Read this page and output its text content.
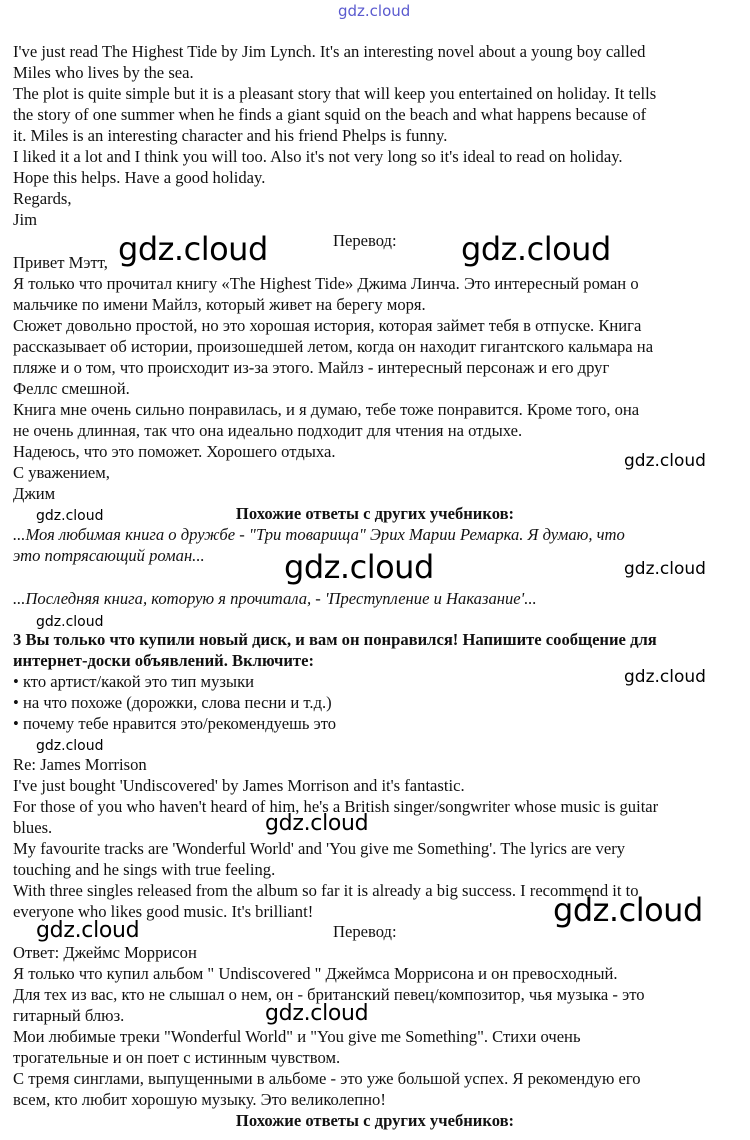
gdz.cloud
I've just read The Highest Tide by Jim Lynch. It's an interesting novel about a young boy called
Miles who lives by the sea.
The plot is quite simple but it is a pleasant story that will keep you entertained on holiday. It tells
the story of one summer when he finds a giant squid on the beach and what happens because of
it. Miles is an interesting character and his friend Phelps is funny.
I liked it a lot and I think you will too. Also it's not very long so it's ideal to read on holiday.
Hope this helps. Have a good holiday.
Regards,
Jim
Перевод:
gdz.cloud	gdz.cloud
Привет Мэтт,
Я только что прочитал книгу «The Highest Tide» Джима Линча. Это интересный роман о
мальчике по имени Майлз, который живет на берегу моря.
Сюжет довольно простой, но это хорошая история, которая займет тебя в отпуске. Книга
рассказывает об истории, произошедшей летом, когда он находит гигантского кальмара на
пляже и о том, что происходит из-за этого. Майлз - интересный персонаж и его друг
Феллс смешной.
Книга мне очень сильно понравилась, и я думаю, тебе тоже понравится. Кроме того, она
не очень длинная, так что она идеально подходит для чтения на отдыхе.
Надеюсь, что это поможет. Хорошего отдыха.
С уважением,
Джим
gdz.cloud
Похожие ответы с других учебников:
gdz.cloud
...Моя любимая книга о дружбе - "Три товарища" Эрих Марии Ремарка. Я думаю, что
это потрясающий роман... gdz.cloud	gdz.cloud
...Последняя книга, которую я прочитала, - 'Преступление и Наказание'...
gdz.cloud
3 Вы только что купили новый диск, и вам он понравился! Напишите сообщение для
интернет-доски объявлений. Включите:
• кто артист/какой это тип музыки
• на что похоже (дорожки, слова песни и т.д.)
• почему тебе нравится это/рекомендуешь это
gdz.cloud
gdz.cloud
Re: James Morrison
I've just bought 'Undiscovered' by James Morrison and it's fantastic.
For those of you who haven't heard of him, he's a British singer/songwriter whose music is guitar
blues.	gdz.cloud
My favourite tracks are 'Wonderful World' and 'You give me Something'. The lyrics are very
touching and he sings with true feeling.
With three singles released from the album so far it is already a big success. I recommend it to
everyone who likes good music. It's brilliant!	gdz.cloud
gdz.cloud	Перевод:
Ответ: Джеймс Моррисон
Я только что купил альбом " Undiscovered " Джеймса Моррисона и он превосходный.
Для тех из вас, кто не слышал о нем, он - британский певец/композитор, чья музыка - это
гитарный блюз.	gdz.cloud
Мои любимые треки "Wonderful World" и "You give me Something". Стихи очень
трогательные и он поет с истинным чувством.
С тремя синглами, выпущенными в альбоме - это уже большой успех. Я рекомендую его
всем, кто любит хорошую музыку. Это великолепно!
Похожие ответы с других учебников:
